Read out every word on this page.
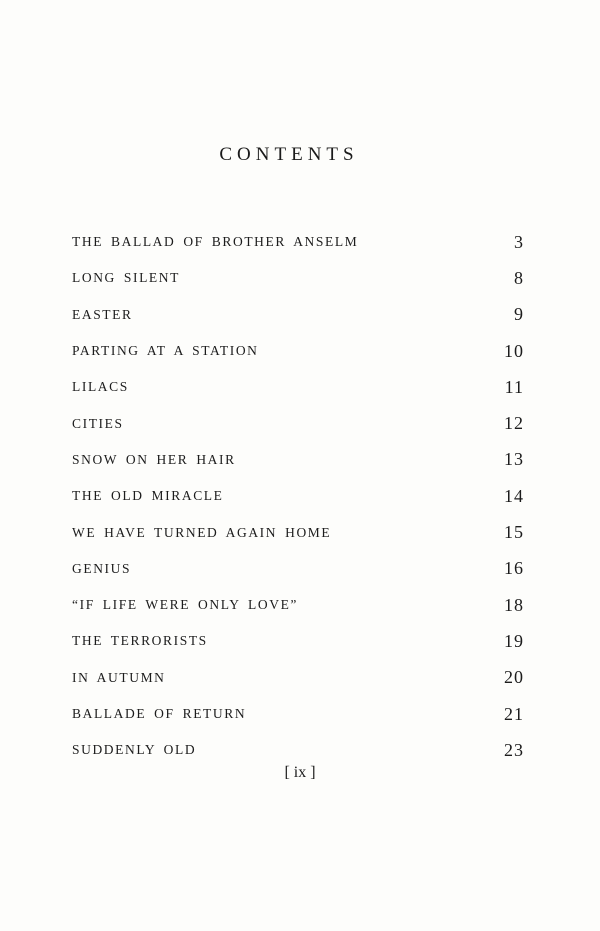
CONTENTS
THE BALLAD OF BROTHER ANSELM	3
LONG SILENT	8
EASTER	9
PARTING AT A STATION	10
LILACS	11
CITIES	12
SNOW ON HER HAIR	13
THE OLD MIRACLE	14
WE HAVE TURNED AGAIN HOME	15
GENIUS	16
“IF LIFE WERE ONLY LOVE”	18
THE TERRORISTS	19
IN AUTUMN	20
BALLADE OF RETURN	21
SUDDENLY OLD	23
[ ix ]
